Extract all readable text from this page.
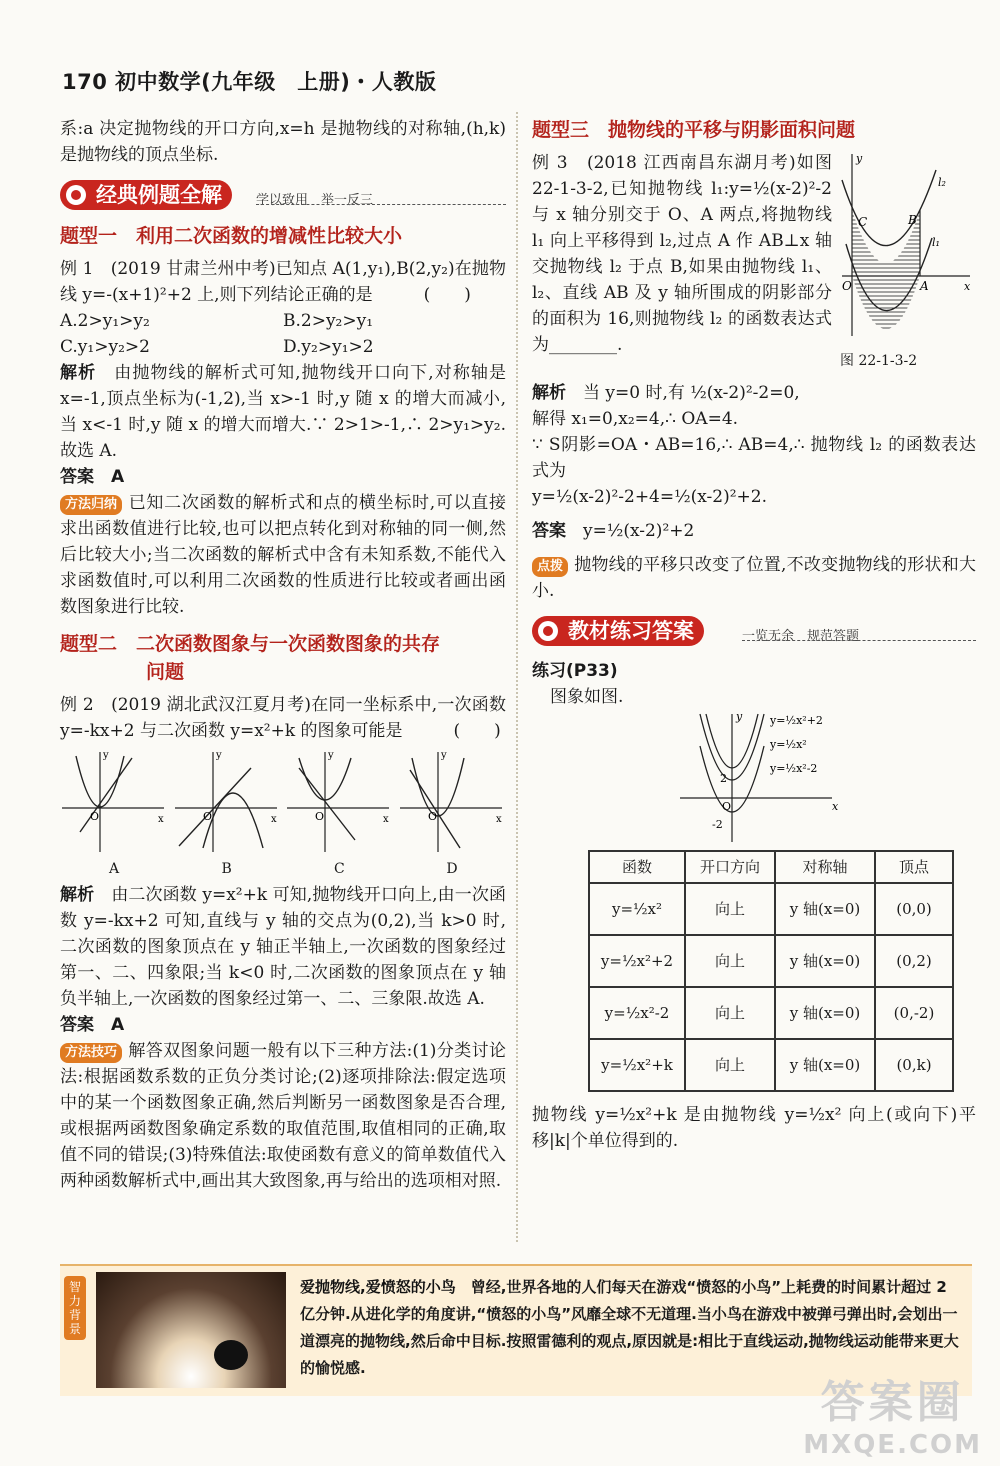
170 初中数学(九年级　上册)・人教版

系:a 决定抛物线的开口方向,x=h 是抛物线的对称轴,(h,k)是抛物线的顶点坐标.

经典例题全解	学以致用　举一反三
题型一　利用二次函数的增减性比较大小

例 1　(2019 甘肃兰州中考)已知点 A(1,y₁),B(2,y₂)在抛物线 y=-(x+1)²+2 上,则下列结论正确的是　　　(　　)

A.2>y₁>y₂	B.2>y₂>y₁
C.y₁>y₂>2	D.y₂>y₁>2

解析　 由抛物线的解析式可知,抛物线开口向下,对称轴是 x=-1,顶点坐标为(-1,2),当 x>-1 时,y 随 x 的增大而减小,当 x<-1 时,y 随 x 的增大而增大.∵ 2>1>-1,∴ 2>y₁>y₂.故选 A.

答案　 A

方法归纳 已知二次函数的解析式和点的横坐标时,可以直接求出函数值进行比较,也可以把点转化到对称轴的同一侧,然后比较大小;当二次函数的解析式中含有未知系数,不能代入求函数值时,可以利用二次函数的性质进行比较或者画出函数图象进行比较.

题型二　二次函数图象与一次函数图象的共存
问题

例 2　(2019 湖北武汉江夏月考)在同一坐标系中,一次函数 y=-kx+2 与二次函数 y=x²+k 的图象可能是　　　(　　)

x
y
O
A
x
y
O
B
x
y
O
C
x
y
O
D

解析　 由二次函数 y=x²+k 可知,抛物线开口向上,由一次函数 y=-kx+2 可知,直线与 y 轴的交点为(0,2),当 k>0 时,二次函数的图象顶点在 y 轴正半轴上,一次函数的图象经过第一、二、四象限;当 k<0 时,二次函数的图象顶点在 y 轴负半轴上,一次函数的图象经过第一、二、三象限.故选 A.

答案　 A

方法技巧 解答双图象问题一般有以下三种方法:(1)分类讨论法:根据函数系数的正负分类讨论;(2)逐项排除法:假定选项中的某一个函数图象正确,然后判断另一函数图象是否合理,或根据两函数图象确定系数的取值范围,取值相同的正确,取值不同的错误;(3)特殊值法:取使函数有意义的简单数值代入两种函数解析式中,画出其大致图象,再与给出的选项相对照.

题型三　抛物线的平移与阴影面积问题

例 3　(2018 江西南昌东湖月考)如图 22-1-3-2,已知抛物线 l₁:y=½(x-2)²-2 与 x 轴分别交于 O、A 两点,将抛物线 l₁ 向上平移得到 l₂,过点 A 作 AB⊥x 轴交抛物线 l₂ 于点 B,如果由抛物线 l₁、l₂、直线 AB 及 y 轴所围成的阴影部分的面积为 16,则抛物线 l₂ 的函数表达式为________.

C	B
O	A
l₂
l₁
x
y
图 22-1-3-2

解析　 当 y=0 时,有 ½(x-2)²-2=0,

解得 x₁=0,x₂=4,∴ OA=4.

∵ S阴影=OA・AB=16,∴ AB=4,∴ 抛物线 l₂ 的函数表达式为

y=½(x-2)²-2+4=½(x-2)²+2.

答案　 y=½(x-2)²+2

点拨 抛物线的平移只改变了位置,不改变抛物线的形状和大小.

教材练习答案	一览无余　规范答题
练习(P33)
图象如图.
y=½x²+2
y=½x²
y=½x²-2
2
-2
O	x
y
函数	开口方向	对称轴	顶点
y=½x²	向上	y 轴(x=0)	(0,0)
y=½x²+2	向上	y 轴(x=0)	(0,2)
y=½x²-2	向上	y 轴(x=0)	(0,-2)
y=½x²+k	向上	y 轴(x=0)	(0,k)

抛物线 y=½x²+k 是由抛物线 y=½x² 向上(或向下)平移|k|个单位得到的.

智力背景
爱抛物线,爱愤怒的小鸟　 曾经,世界各地的人们每天在游戏“愤怒的小鸟”上耗费的时间累计超过 2 亿分钟.从进化学的角度讲,“愤怒的小鸟”风靡全球不无道理.当小鸟在游戏中被弹弓弹出时,会划出一道漂亮的抛物线,然后命中目标.按照雷德利的观点,原因就是:相比于直线运动,抛物线运动能带来更大的愉悦感.
答案圈
MXQE.COM
